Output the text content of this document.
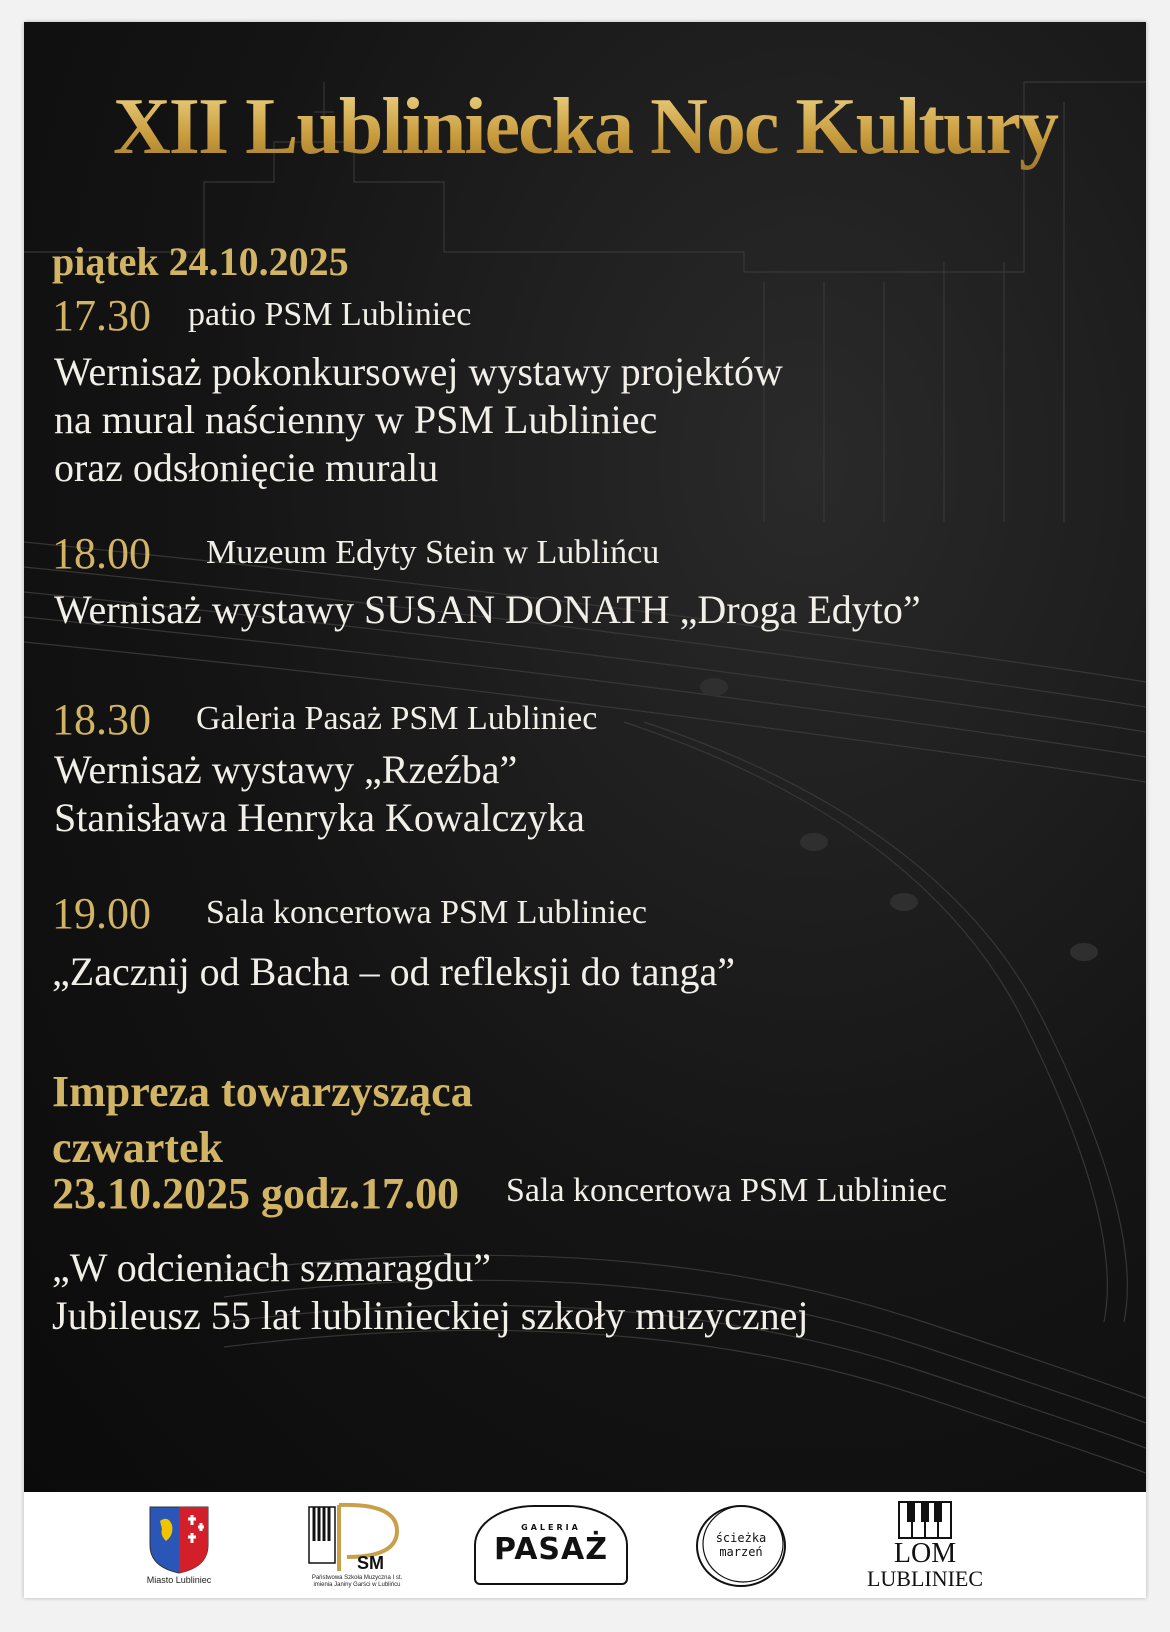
XII Lubliniecka Noc Kultury
piątek 24.10.2025
17.30 patio PSM Lubliniec
Wernisaż pokonkursowej wystawy projektów
na mural naścienny w PSM Lubliniec
oraz odsłonięcie muralu
18.00 Muzeum Edyty Stein w Lublińcu
Wernisaż wystawy SUSAN DONATH „Droga Edyto”
18.30 Galeria Pasaż PSM Lubliniec
Wernisaż wystawy „Rzeźba”
Stanisława Henryka Kowalczyka
19.00 Sala koncertowa PSM Lubliniec
„Zacznij od Bacha – od refleksji do tanga”
Impreza towarzysząca
czwartek
23.10.2025 godz.17.00 Sala koncertowa PSM Lubliniec
„W odcieniach szmaragdu”
Jubileusz 55 lat lublinieckiej szkoły muzycznej
Miasto Lubliniec
SM
Państwowa Szkoła Muzyczna I st.
imienia Janiny Garści w Lublińcu
GALERIA
PASAŻ	ścieżka
marzeń	LOM
LUBLINIEC
